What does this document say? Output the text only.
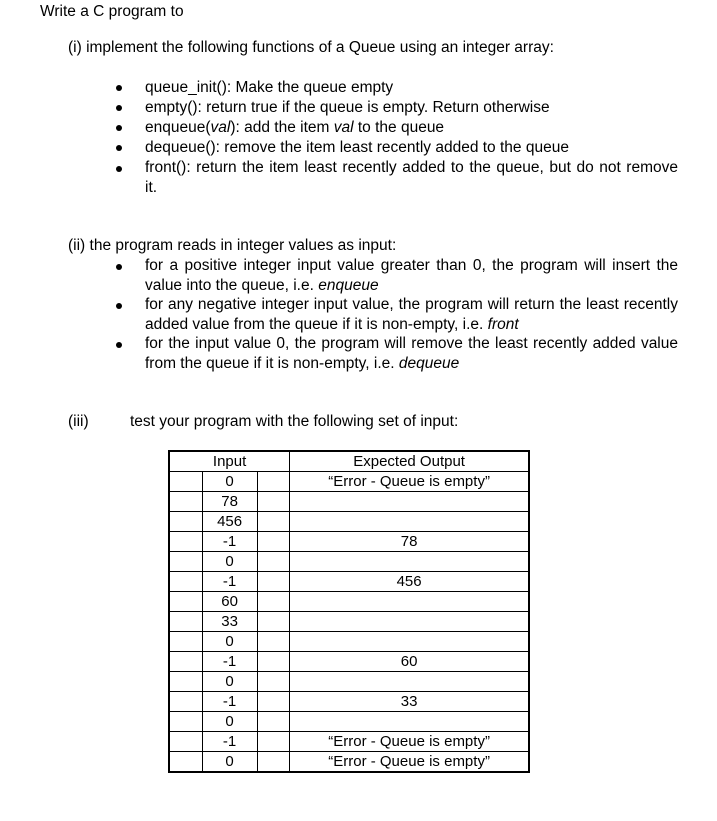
Write a C program to
(i) implement the following functions of a Queue using an integer array:
queue_init(): Make the queue empty
empty(): return true if the queue is empty. Return otherwise
enqueue(val): add the item val to the queue
dequeue(): remove the item least recently added to the queue
front(): return the item least recently added to the queue, but do not remove it.
(ii) the program reads in integer values as input:
for a positive integer input value greater than 0, the program will insert the value into the queue, i.e. enqueue
for any negative integer input value, the program will return the least recently added value from the queue if it is non-empty, i.e. front
for the input value 0, the program will remove the least recently added value from the queue if it is non-empty, i.e. dequeue
(iii)	test your program with the following set of input:
Input	Expected Output
0	“Error - Queue is empty”
78	
456	
-1	78
0	
-1	456
60	
33	
0	
-1	60
0	
-1	33
0	
-1	“Error - Queue is empty”
0	“Error - Queue is empty”
